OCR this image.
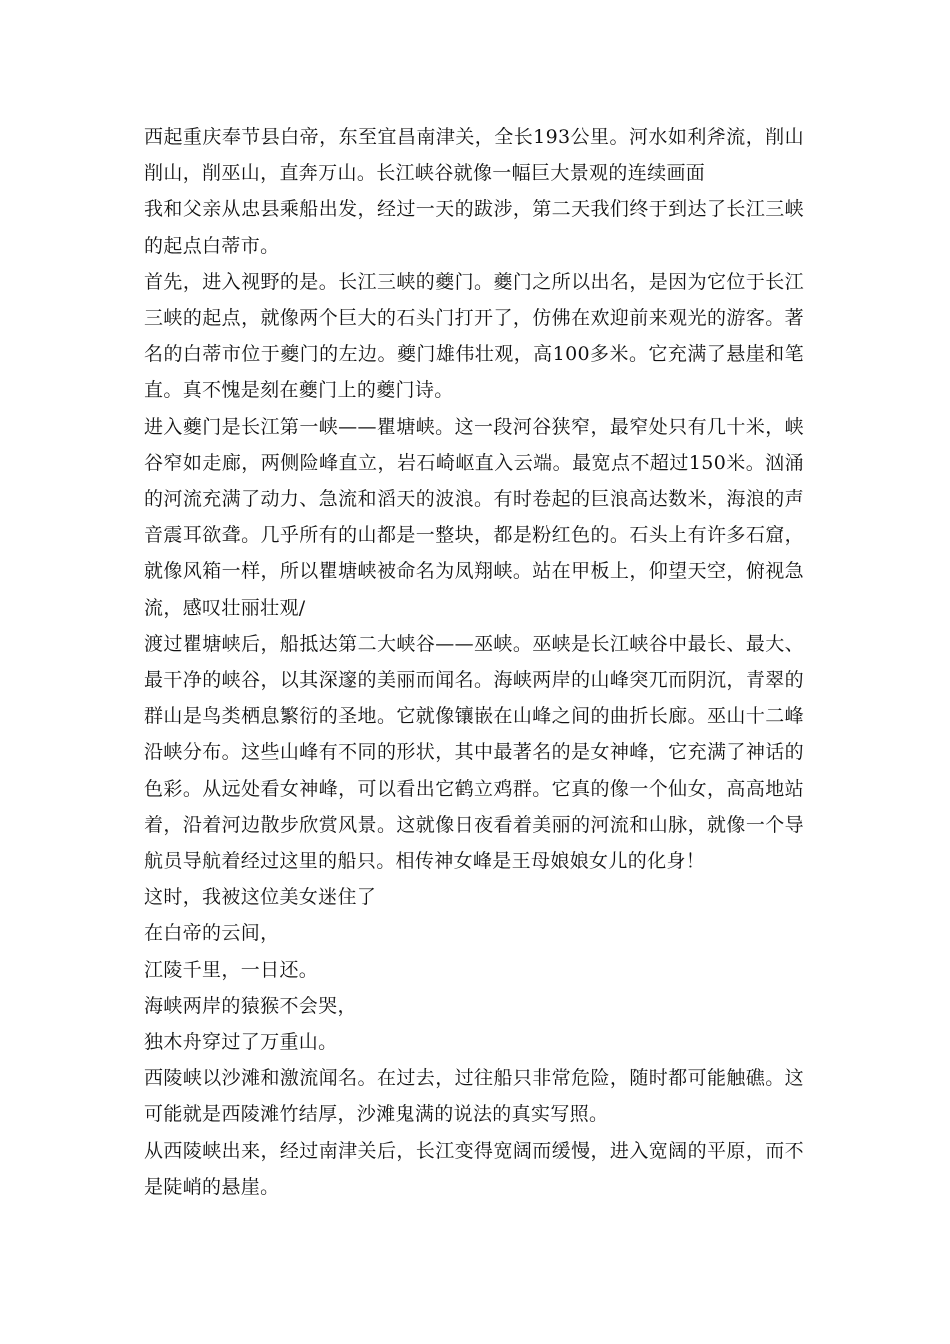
西起重庆奉节县白帝，东至宜昌南津关，全长193公里。河水如利斧流，削山削山，削巫山，直奔万山。长江峡谷就像一幅巨大景观的连续画面

我和父亲从忠县乘船出发，经过一天的跋涉，第二天我们终于到达了长江三峡的起点白蒂市。

首先，进入视野的是。长江三峡的夔门。夔门之所以出名，是因为它位于长江三峡的起点，就像两个巨大的石头门打开了，仿佛在欢迎前来观光的游客。著名的白蒂市位于夔门的左边。夔门雄伟壮观，高100多米。它充满了悬崖和笔直。真不愧是刻在夔门上的夔门诗。

进入夔门是长江第一峡——瞿塘峡。这一段河谷狭窄，最窄处只有几十米，峡谷窄如走廊，两侧险峰直立，岩石崎岖直入云端。最宽点不超过150米。汹涌的河流充满了动力、急流和滔天的波浪。有时卷起的巨浪高达数米，海浪的声音震耳欲聋。几乎所有的山都是一整块，都是粉红色的。石头上有许多石窟，就像风箱一样，所以瞿塘峡被命名为凤翔峡。站在甲板上，仰望天空，俯视急流，感叹壮丽壮观/

渡过瞿塘峡后，船抵达第二大峡谷——巫峡。巫峡是长江峡谷中最长、最大、最干净的峡谷，以其深邃的美丽而闻名。海峡两岸的山峰突兀而阴沉，青翠的群山是鸟类栖息繁衍的圣地。它就像镶嵌在山峰之间的曲折长廊。巫山十二峰沿峡分布。这些山峰有不同的形状，其中最著名的是女神峰，它充满了神话的色彩。从远处看女神峰，可以看出它鹤立鸡群。它真的像一个仙女，高高地站着，沿着河边散步欣赏风景。这就像日夜看着美丽的河流和山脉，就像一个导航员导航着经过这里的船只。相传神女峰是王母娘娘女儿的化身！

这时，我被这位美女迷住了

在白帝的云间，

江陵千里，一日还。

海峡两岸的猿猴不会哭，

独木舟穿过了万重山。

西陵峡以沙滩和激流闻名。在过去，过往船只非常危险，随时都可能触礁。这可能就是西陵滩竹结厚，沙滩鬼满的说法的真实写照。

从西陵峡出来，经过南津关后，长江变得宽阔而缓慢，进入宽阔的平原，而不是陡峭的悬崖。
